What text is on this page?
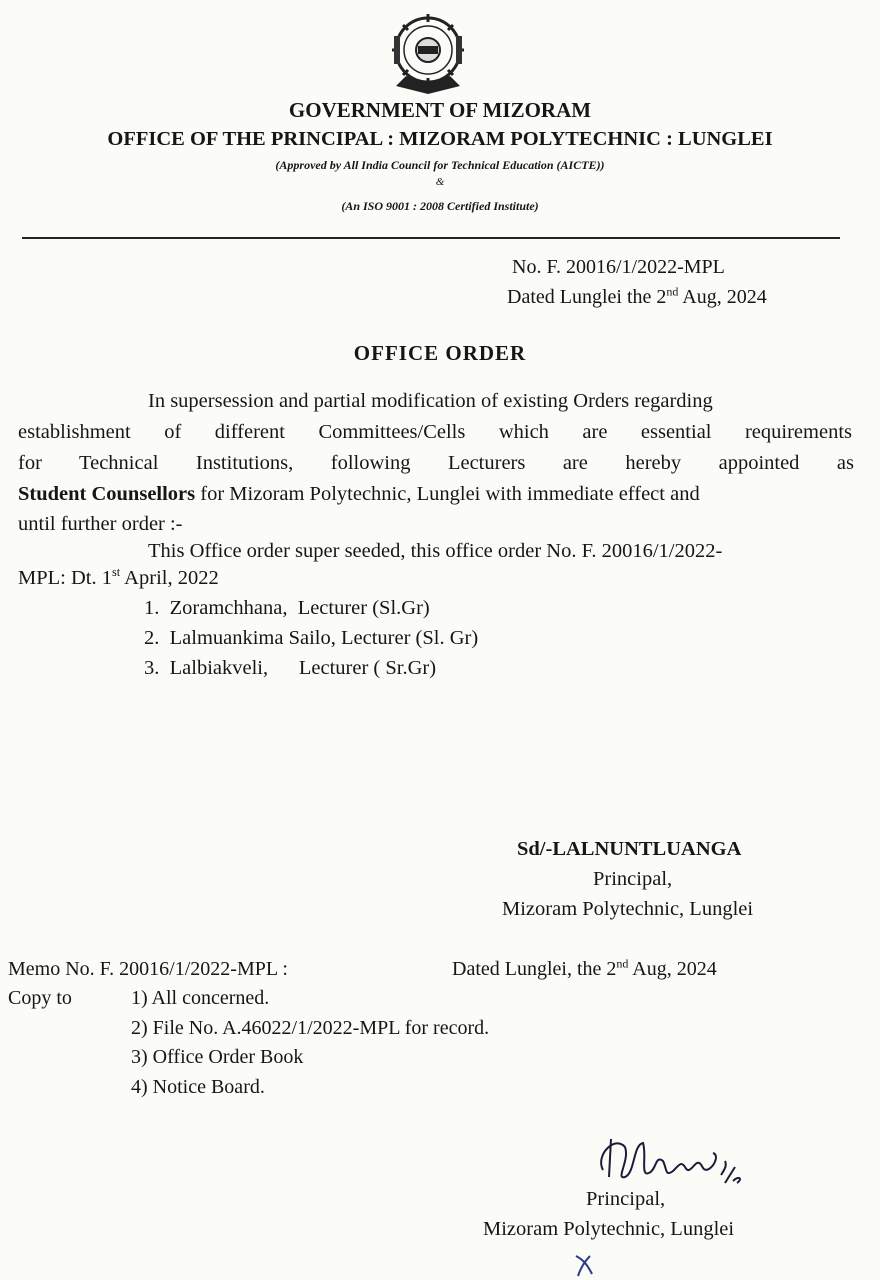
GOVERNMENT OF MIZORAM
OFFICE OF THE PRINCIPAL : MIZORAM POLYTECHNIC : LUNGLEI
(Approved by All India Council for Technical Education (AICTE))
&
(An ISO 9001 : 2008 Certified Institute)
No. F. 20016/1/2022-MPL
Dated Lunglei the 2nd Aug, 2024
OFFICE ORDER
In supersession and partial modification of existing Orders regarding
establishment of different Committees/Cells which are essential requirements
for Technical Institutions, following Lecturers are hereby appointed as
Student Counsellors for Mizoram Polytechnic, Lunglei with immediate effect and
until further order :-
This Office order super seeded, this office order No. F. 20016/1/2022-
MPL: Dt. 1st April, 2022
1.  Zoramchhana,  Lecturer (Sl.Gr)
2.  Lalmuankima Sailo, Lecturer (Sl. Gr)
3.  Lalbiakveli,      Lecturer ( Sr.Gr)
Sd/-LALNUNTLUANGA
Principal,
Mizoram Polytechnic, Lunglei
Memo No. F. 20016/1/2022-MPL :	Dated Lunglei, the 2nd Aug, 2024
Copy to	1) All concerned.
2) File No. A.46022/1/2022-MPL for record.
3) Office Order Book
4) Notice Board.
Principal,
Mizoram Polytechnic, Lunglei
